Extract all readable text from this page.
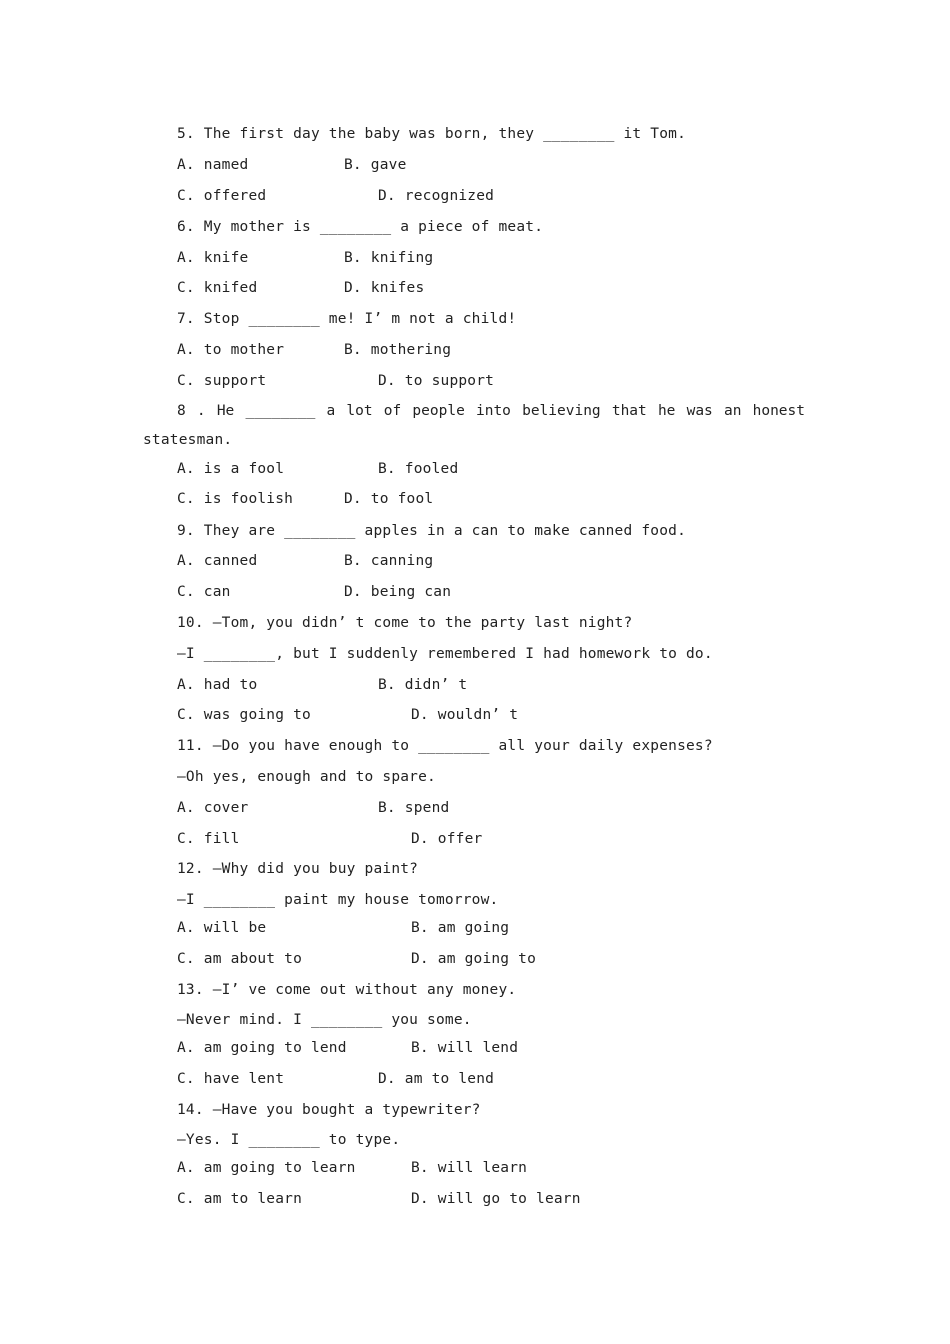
5. The first day the baby was born, they ________ it Tom.
A. named	B. gave
C. offered	D. recognized
6. My mother is ________ a piece of meat.
A. knife	B. knifing
C. knifed	D. knifes
7. Stop ________ me! I’ m not a child!
A. to mother	B. mothering
C. support	D. to support
8 . He ________ a lot of people into believing that he was an honest
statesman.
A. is a fool	B. fooled
C. is foolish	D. to fool
9. They are ________ apples in a can to make canned food.
A. canned	B. canning
C. can	D. being can
10. —Tom, you didn’ t come to the party last night?
—I ________, but I suddenly remembered I had homework to do.
A. had to	B. didn’ t
C. was going to	D. wouldn’ t
11. —Do you have enough to ________ all your daily expenses?
—Oh yes, enough and to spare.
A. cover	B. spend
C. fill	D. offer
12. —Why did you buy paint?
—I ________ paint my house tomorrow.
A. will be	B. am going
C. am about to	D. am going to
13. —I’ ve come out without any money.
—Never mind. I ________ you some.
A. am going to lend	B. will lend
C. have lent	D. am to lend
14. —Have you bought a typewriter?
—Yes. I ________ to type.
A. am going to learn	B. will learn
C. am to learn	D. will go to learn
